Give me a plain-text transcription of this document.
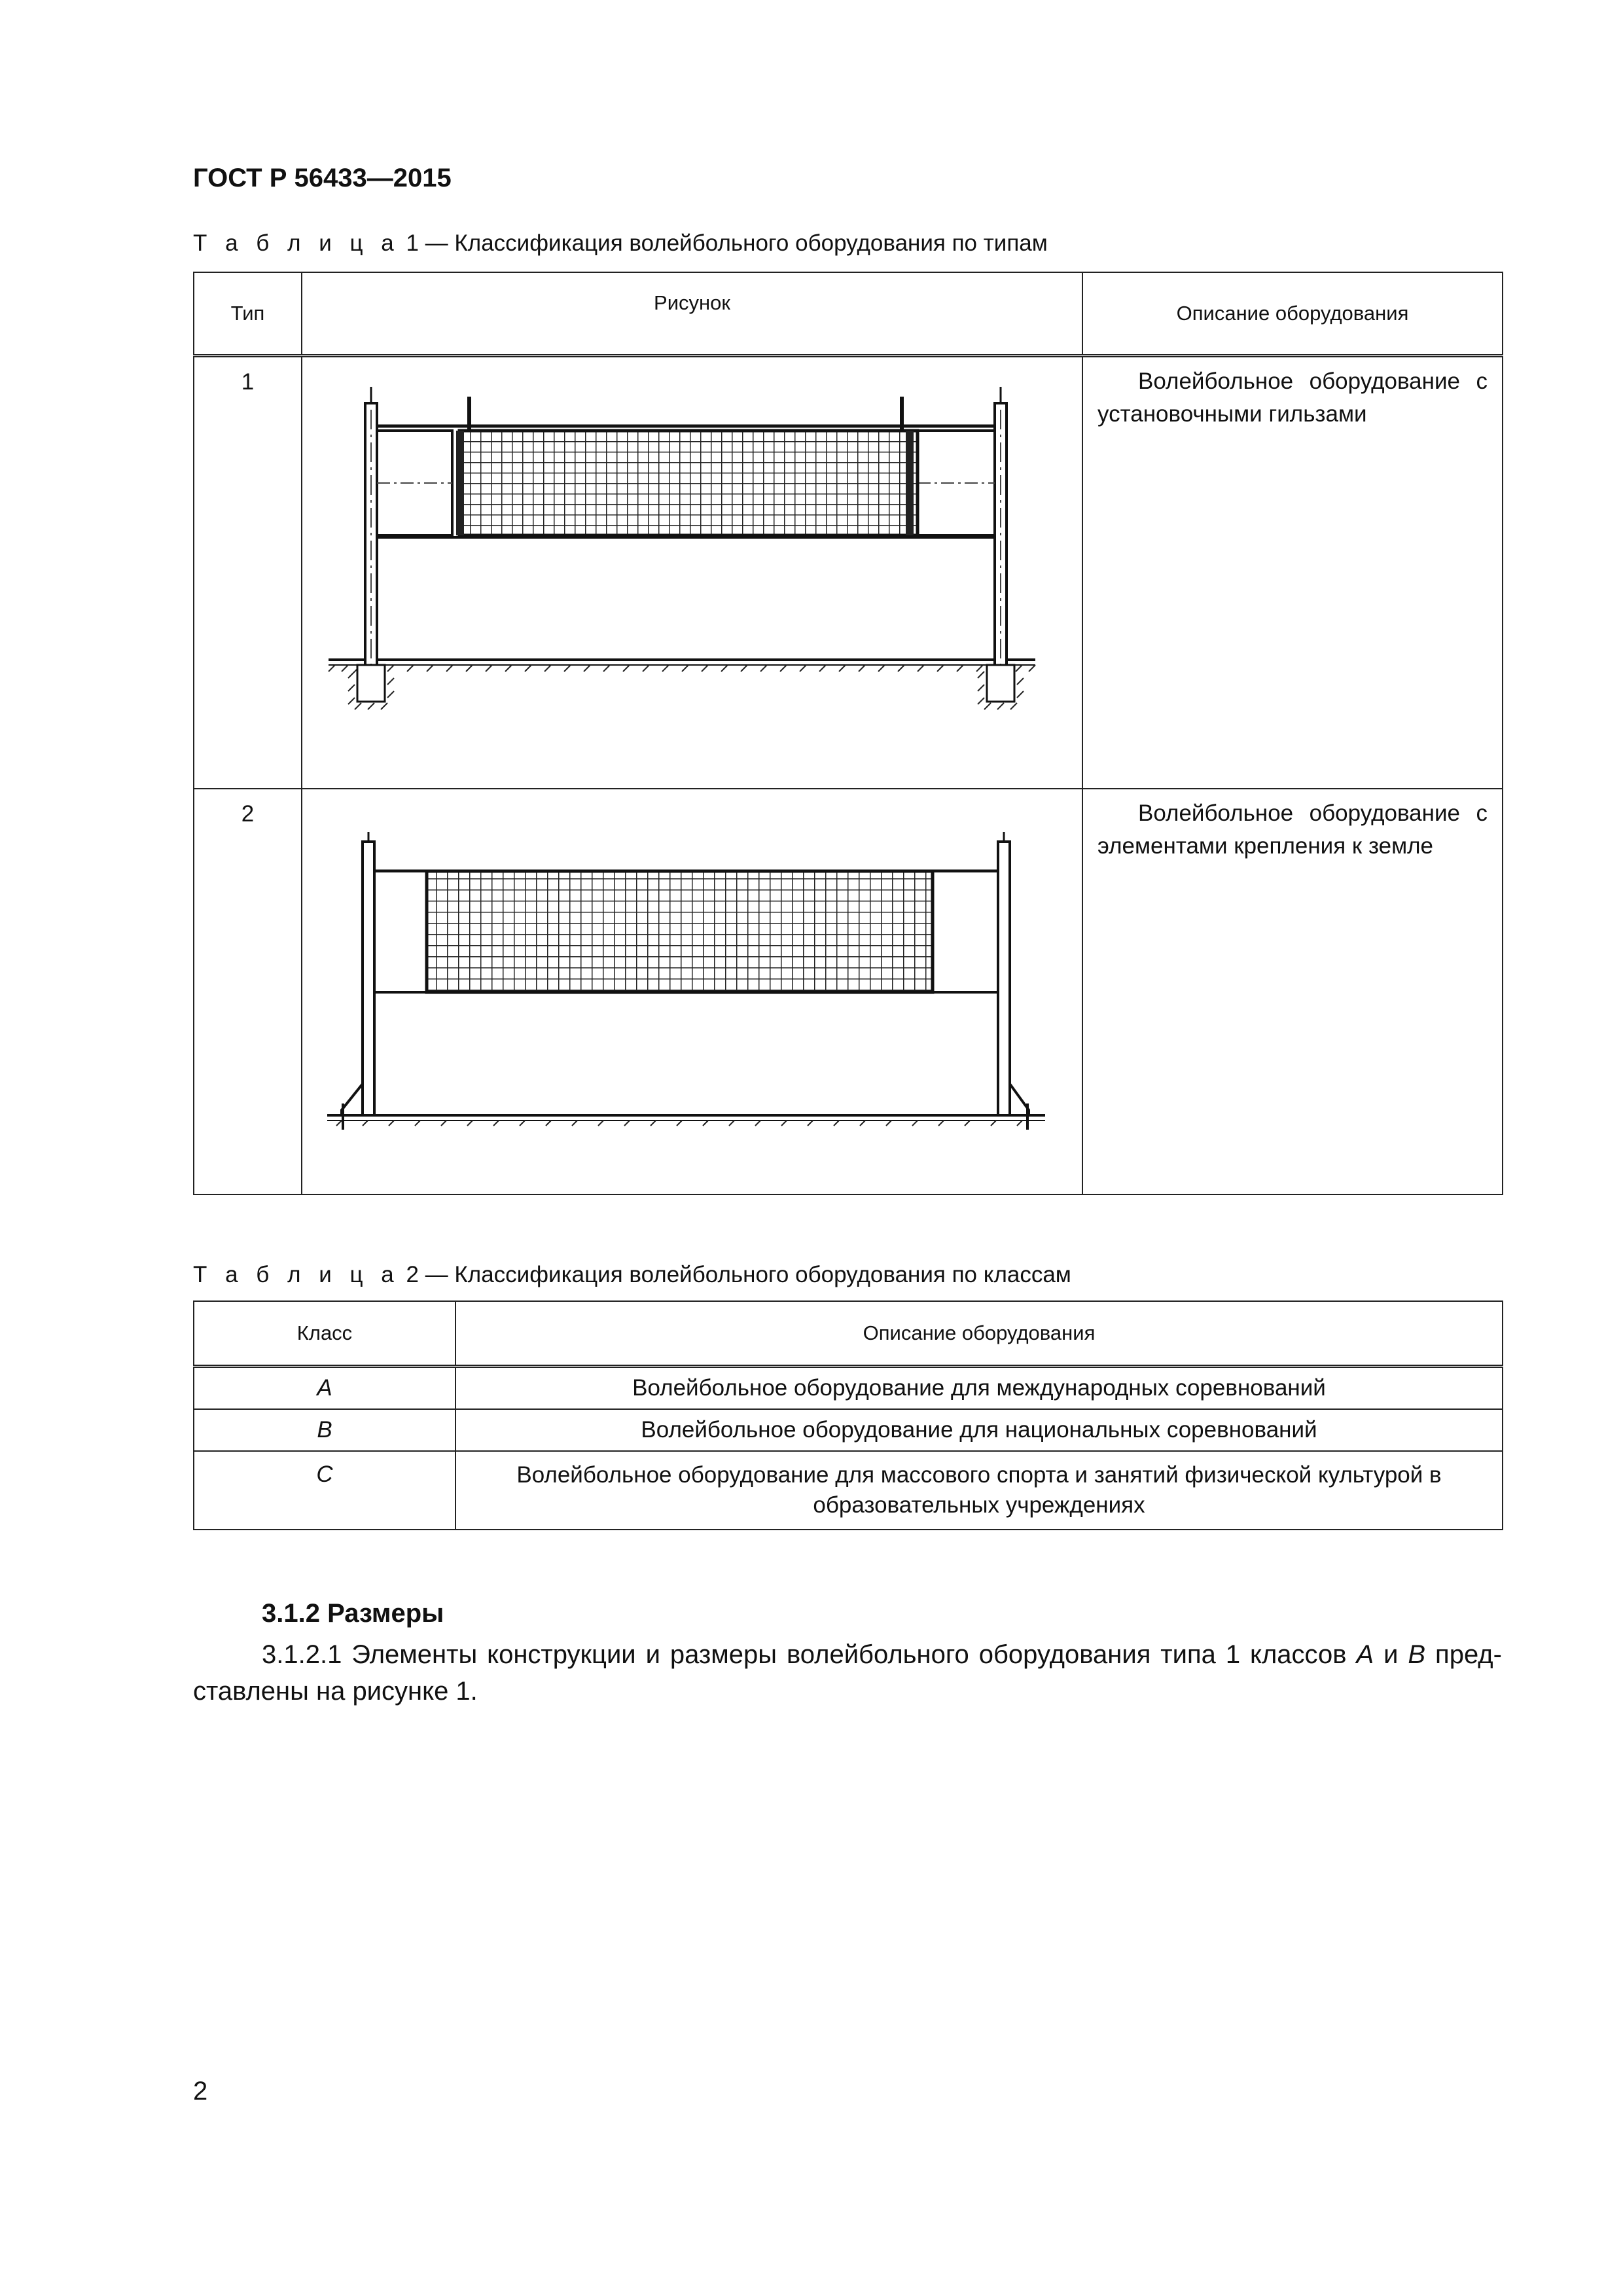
ГОСТ Р 56433—2015
Т а б л и ц а 1 — Классификация волейбольного оборудования по типам
Тип	Рисунок	Описание оборудования
1		Волейбольное оборудование с установочными гильзами

2		Волейбольное оборудование с элементами крепления к земле
Т а б л и ц а 2 — Классификация волейбольного оборудования по классам
Класс	Описание оборудования
A	Волейбольное оборудование для международных соревнований
B	Волейбольное оборудование для национальных соревнований
C	Волейбольное оборудование для массового спорта и занятий физической культурой в
образовательных учреждениях
3.1.2 Размеры
3.1.2.1 Элементы конструкции и размеры волейбольного оборудования типа 1 классов A и B пред-ставлены на рисунке 1.
2
